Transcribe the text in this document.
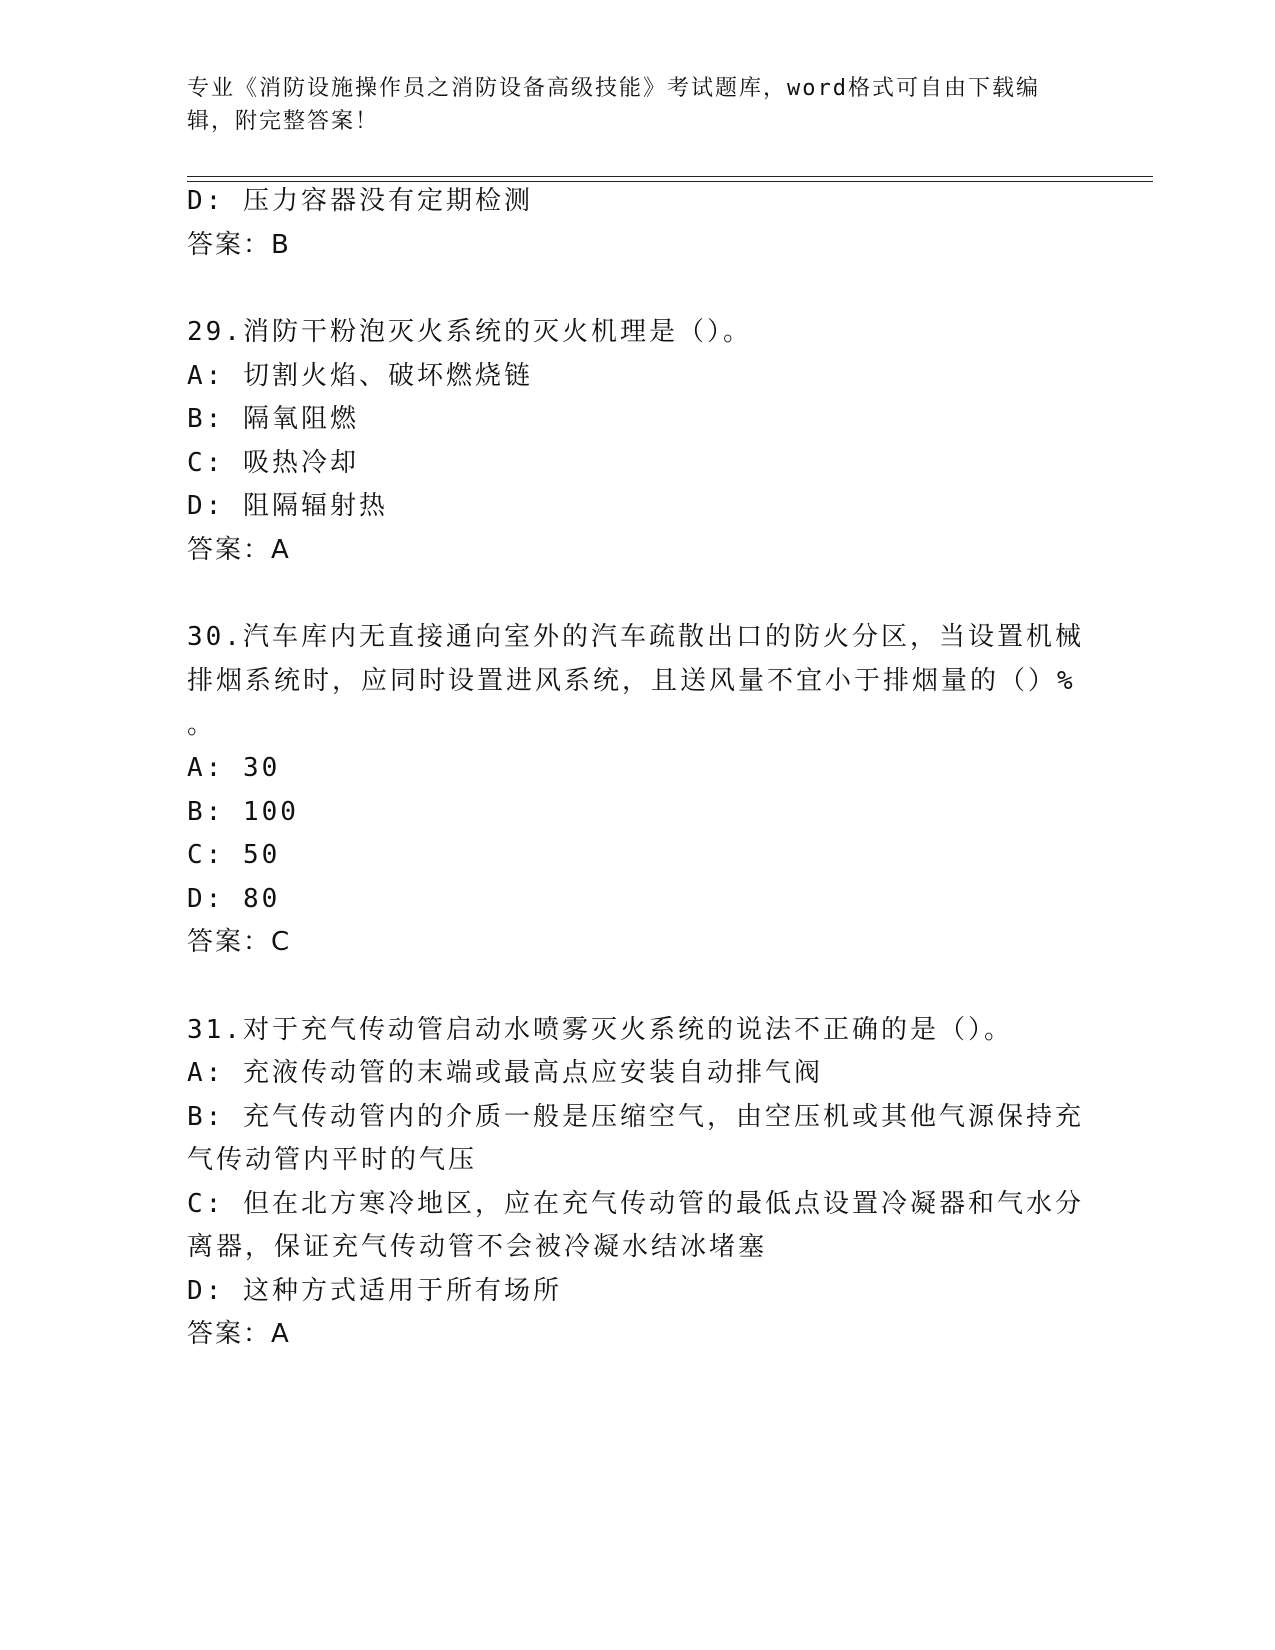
专业《消防设施操作员之消防设备高级技能》考试题库，word格式可自由下载编
辑，附完整答案！
D: 压力容器没有定期检测
答案：B
29.消防干粉泡灭火系统的灭火机理是（）。
A: 切割火焰、破坏燃烧链
B: 隔氧阻燃
C: 吸热冷却
D: 阻隔辐射热
答案：A
30.汽车库内无直接通向室外的汽车疏散出口的防火分区，当设置机械
排烟系统时，应同时设置进风系统，且送风量不宜小于排烟量的（）%
。
A: 30
B: 100
C: 50
D: 80
答案：C
31.对于充气传动管启动水喷雾灭火系统的说法不正确的是（）。
A: 充液传动管的末端或最高点应安装自动排气阀
B: 充气传动管内的介质一般是压缩空气，由空压机或其他气源保持充
气传动管内平时的气压
C: 但在北方寒冷地区，应在充气传动管的最低点设置冷凝器和气水分
离器，保证充气传动管不会被冷凝水结冰堵塞
D: 这种方式适用于所有场所
答案：A
